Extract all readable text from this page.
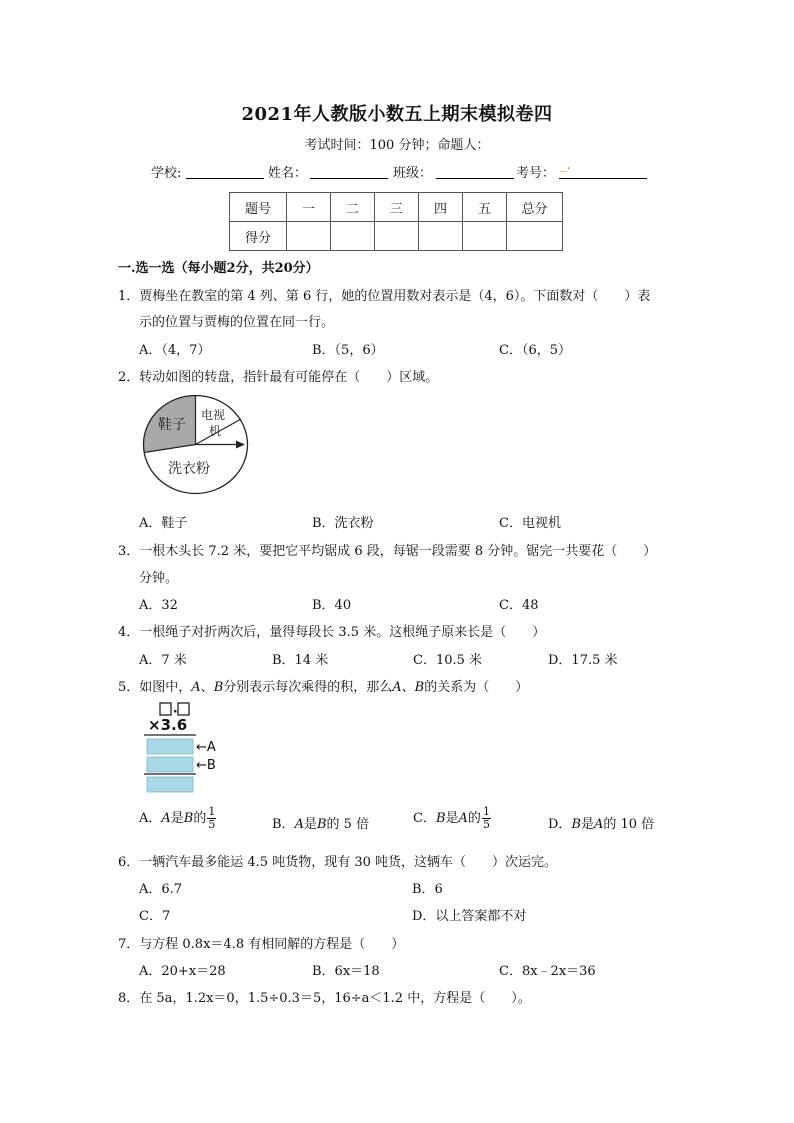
2021年人教版小数五上期末模拟卷四
考试时间：100 分钟；命题人：
学校:	姓名：	班级：	考号：
_.
题号	一	二	三	四	五	总分
得分						
一.选一选（每小题2分，共20分）
1．贾梅坐在教室的第 4 列、第 6 行，她的位置用数对表示是（4，6）。下面数对（　　）表
示的位置与贾梅的位置在同一行。
A．（4，7）	B．（5，6）	C．（6，5）
2．转动如图的转盘，指针最有可能停在（　　）区域。
鞋子
电视
机
洗衣粉
A．鞋子	B．洗衣粉	C．电视机
3．一根木头长 7.2 米，要把它平均锯成 6 段，每锯一段需要 8 分钟。锯完一共要花（　　）
分钟。
A．32	B．40	C．48
4．一根绳子对折两次后，量得每段长 3.5 米。这根绳子原来长是（　　）
A．7 米	B．14 米	C．10.5 米	D．17.5 米
5．如图中，A、B分别表示每次乘得的积，那么A、B的关系为（　　）
×3.6
←A
←B
A．A是B的 $\frac{1}{5}$	B．A是B的 5 倍	C．B是A的 $\frac{1}{5}$	D．B是A的 10 倍
6．一辆汽车最多能运 4.5 吨货物，现有 30 吨货，这辆车（　　）次运完。
A．6.7	B．6
C．7	D．以上答案都不对
7．与方程 0.8x＝4.8 有相同解的方程是（　　）
A．20+x＝28	B．6x＝18	C．8x﹣2x＝36
8．在 5a，1.2x＝0，1.5÷0.3＝5，16÷a＜1.2 中，方程是（　　）。
